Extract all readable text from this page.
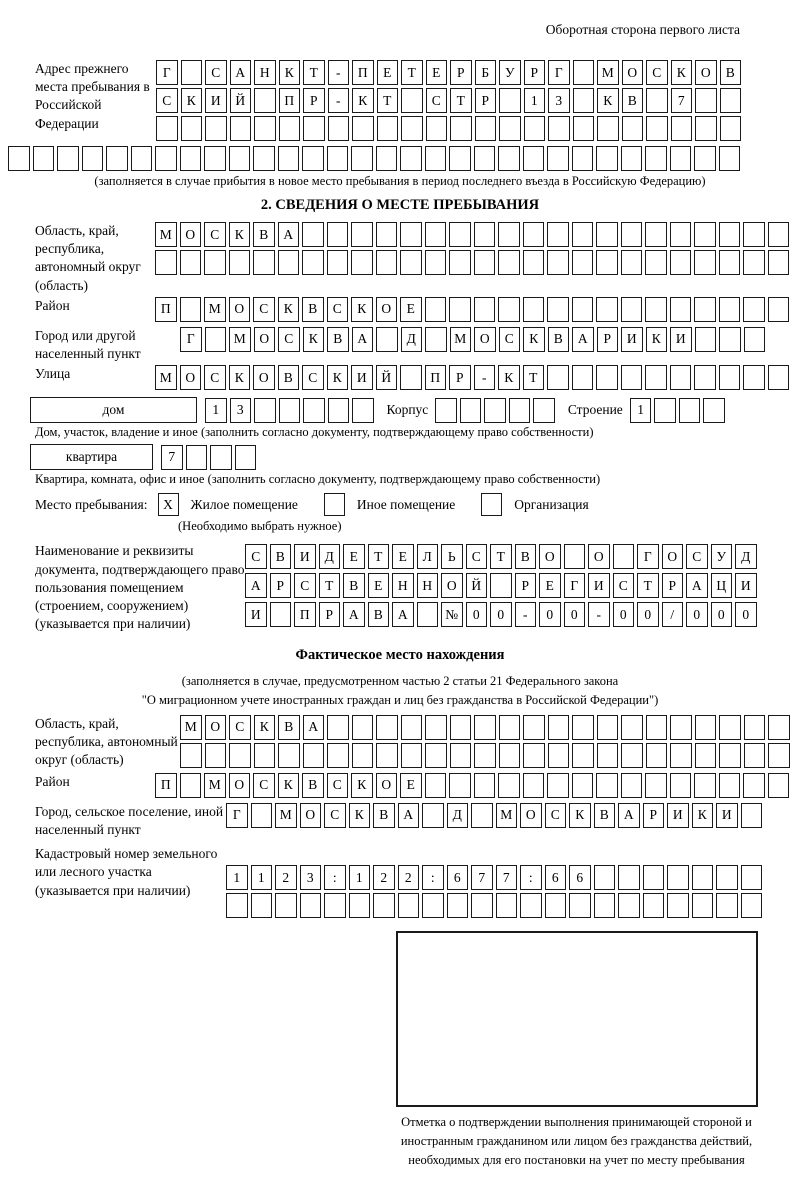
Оборотная сторона первого листа
Адрес прежнего места пребывания в Российской Федерации
Г	С	А	Н	К	Т	-	П	Е	Т	Е	Р	Б	У	Р	Г	М	О	С	К	О	В
С	К	И	Й	П	Р	-	К	Т	С	Т	Р	1	3	К	В	7
(заполняется в случае прибытия в новое место пребывания в период последнего въезда в Российскую Федерацию)
2. СВЕДЕНИЯ О МЕСТЕ ПРЕБЫВАНИЯ
Область, край, республика, автономный округ (область)
М	О	С	К	В	А
Район	П	М	О	С	К	В	С	К	О	Е
Город или другой населенный пункт
Г	М	О	С	К	В	А	Д	М	О	С	К	В	А	Р	И	К	И
Улица	М	О	С	К	О	В	С	К	И	Й	П	Р	-	К	Т
дом	1	3	Корпус	Строение	1
Дом, участок, владение и иное (заполнить согласно документу, подтверждающему право собственности)
квартира	7
Квартира, комната, офис и иное (заполнить согласно документу, подтверждающему право собственности)
Место пребывания:	X	Жилое помещение	Иное помещение	Организация
(Необходимо выбрать нужное)
Наименование и реквизиты документа, подтверждающего право пользования помещением (строением, сооружением) (указывается при наличии)
С	В	И	Д	Е	Т	Е	Л	Ь	С	Т	В	О	О	Г	О	С	У	Д
А	Р	С	Т	В	Е	Н	Н	О	Й	Р	Е	Г	И	С	Т	Р	А	Ц	И
И	П	Р	А	В	А	№	0	0	-	0	0	-	0	0	/	0	0	0
Фактическое место нахождения
(заполняется в случае, предусмотренном частью 2 статьи 21 Федерального закона
"О миграционном учете иностранных граждан и лиц без гражданства в Российской Федерации")
Область, край, республика, автономный округ (область)
М	О	С	К	В	А
Район	П	М	О	С	К	В	С	К	О	Е
Город, сельское поселение, иной населенный пункт
Г	М	О	С	К	В	А	Д	М	О	С	К	В	А	Р	И	К	И
Кадастровый номер земельного или лесного участка (указывается при наличии)
1	1	2	3	:	1	2	2	:	6	7	7	:	6	6
Отметка о подтверждении выполнения принимающей стороной и иностранным гражданином или лицом без гражданства действий, необходимых для его постановки на учет по месту пребывания
